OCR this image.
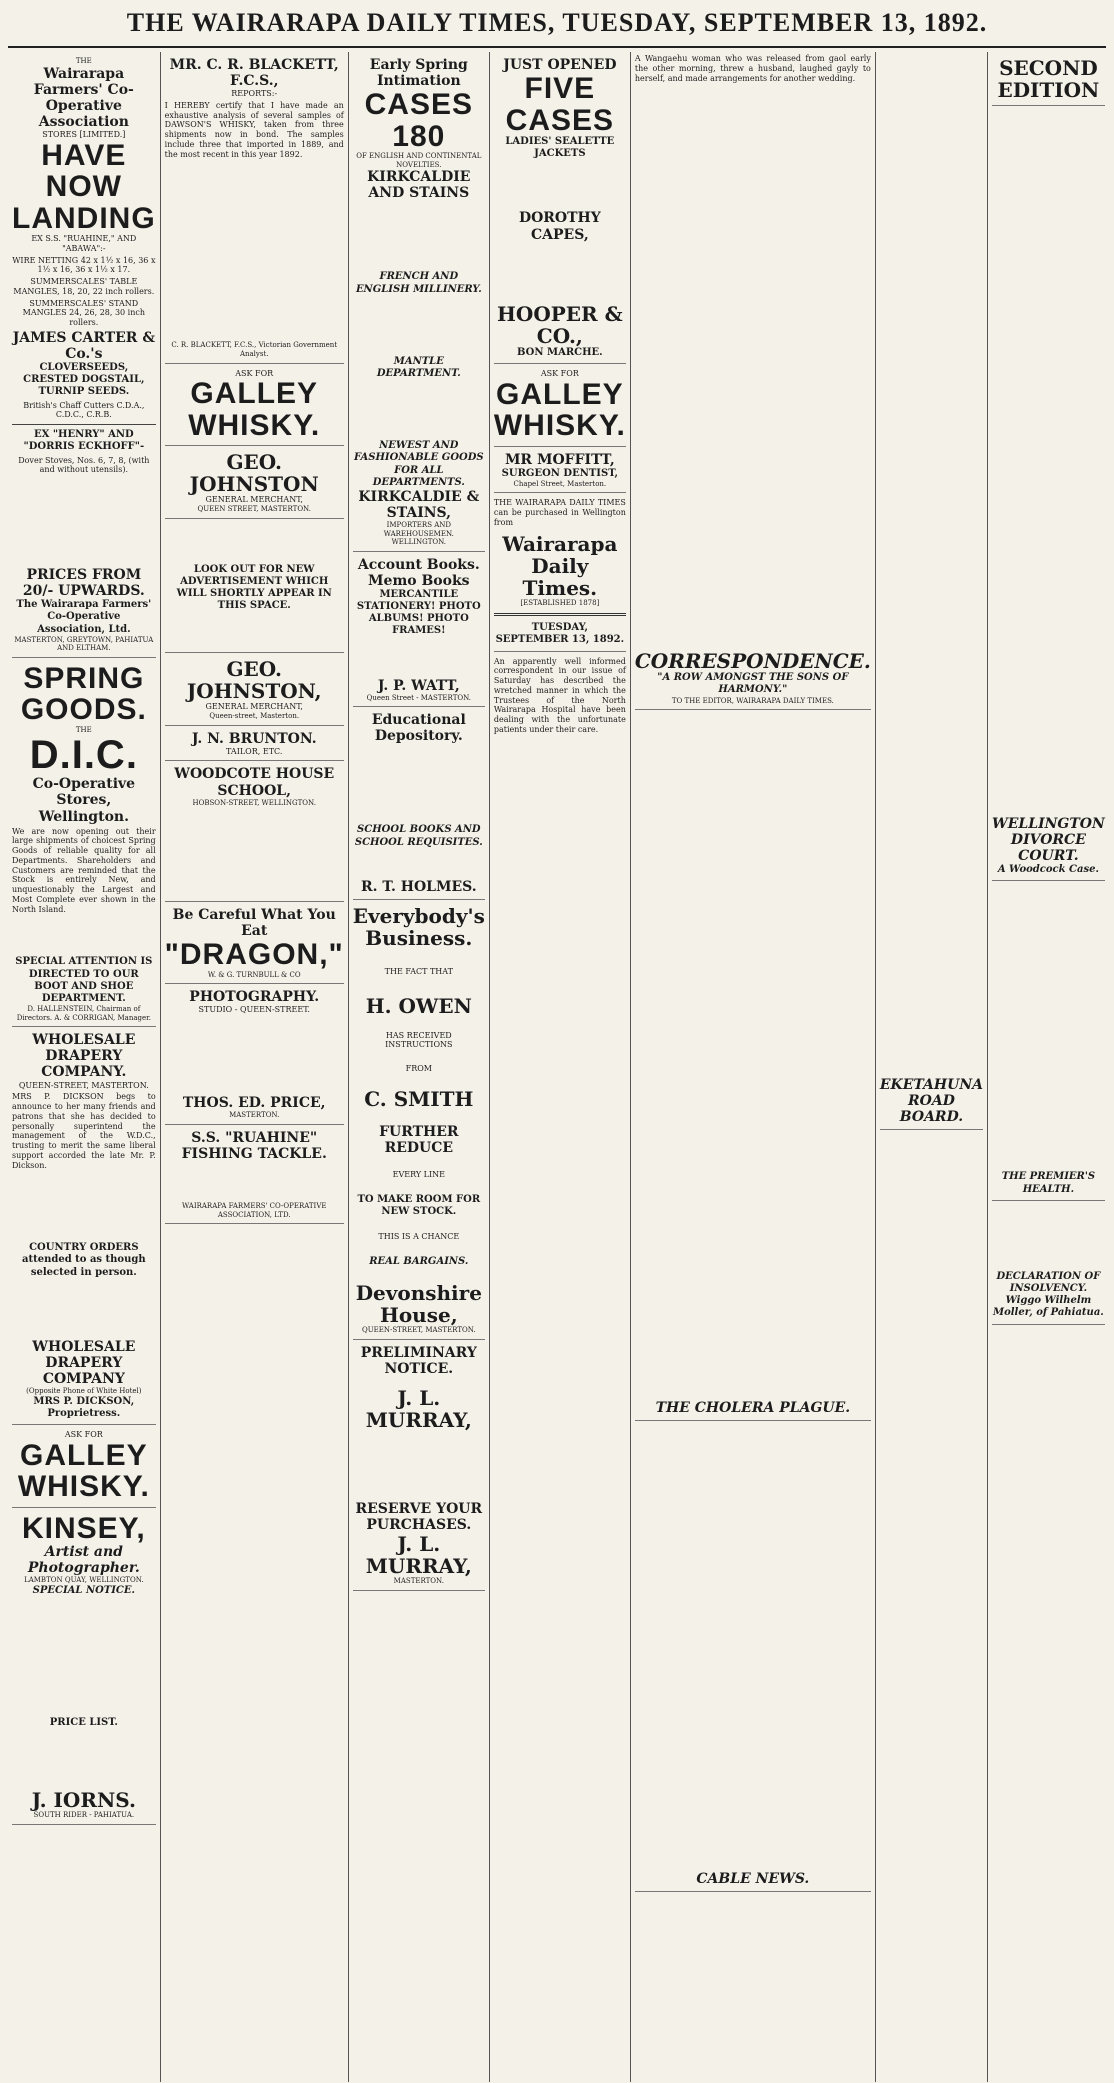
THE WAIRARAPA DAILY TIMES, TUESDAY, SEPTEMBER 13, 1892.
THE
Wairarapa Farmers' Co-Operative Association
STORES [LIMITED.]
HAVE NOW LANDING
EX S.S. "RUAHINE," AND "ABAWA":-

WIRE NETTING 42 x 1½ x 16, 36 x 1½ x 16, 36 x 1½ x 17.

SUMMERSCALES' TABLE MANGLES, 18, 20, 22 inch rollers.

SUMMERSCALES' STAND MANGLES 24, 26, 28, 30 inch rollers.

JAMES CARTER & Co.'s
CLOVERSEEDS, CRESTED DOGSTAIL, TURNIP SEEDS.

British's Chaff Cutters C.D.A., C.D.C., C.R.B.

EX "HENRY" AND "DORRIS ECKHOFF"-

Dover Stoves, Nos. 6, 7, 8, (with and without utensils).

PRICES FROM 20/- UPWARDS.
The Wairarapa Farmers' Co-Operative Association, Ltd.
MASTERTON, GREYTOWN, PAHIATUA AND ELTHAM.
SPRING GOODS.
THE
D.I.C.
Co-Operative Stores, Wellington.

We are now opening out their large shipments of choicest Spring Goods of reliable quality for all Departments. Shareholders and Customers are reminded that the Stock is entirely New, and unquestionably the Largest and Most Complete ever shown in the North Island.

SPECIAL ATTENTION IS DIRECTED TO OUR BOOT AND SHOE DEPARTMENT.
D. HALLENSTEIN, Chairman of Directors. A. & CORRIGAN, Manager.
WHOLESALE DRAPERY COMPANY.
QUEEN-STREET, MASTERTON.

MRS P. DICKSON begs to announce to her many friends and patrons that she has decided to personally superintend the management of the W.D.C., trusting to merit the same liberal support accorded the late Mr. P. Dickson.

COUNTRY ORDERS attended to as though selected in person.
WHOLESALE DRAPERY COMPANY
(Opposite Phone of White Hotel)
MRS P. DICKSON, Proprietress.
ASK FOR
GALLEY WHISKY.
KINSEY,
Artist and Photographer.
LAMBTON QUAY, WELLINGTON.
SPECIAL NOTICE.
PRICE LIST.
J. IORNS.
SOUTH RIDER - PAHIATUA.
MR. C. R. BLACKETT, F.C.S.,
REPORTS:-

I HEREBY certify that I have made an exhaustive analysis of several samples of DAWSON'S WHISKY, taken from three shipments now in bond. The samples include three that imported in 1889, and the most recent in this year 1892.

C. R. BLACKETT, F.C.S., Victorian Government Analyst.
ASK FOR
GALLEY WHISKY.
GEO. JOHNSTON
GENERAL MERCHANT,
QUEEN STREET, MASTERTON.
LOOK OUT FOR NEW ADVERTISEMENT WHICH WILL SHORTLY APPEAR IN THIS SPACE.
GEO. JOHNSTON,
GENERAL MERCHANT,
Queen-street, Masterton.
J. N. BRUNTON.
TAILOR, ETC.
WOODCOTE HOUSE SCHOOL,
HOBSON-STREET, WELLINGTON.
Be Careful What You Eat
"DRAGON,"
W. & G. TURNBULL & CO
PHOTOGRAPHY.
STUDIO - QUEEN-STREET.
THOS. ED. PRICE,
MASTERTON.
S.S. "RUAHINE"
FISHING TACKLE.
WAIRARAPA FARMERS' CO-OPERATIVE ASSOCIATION, LTD.
Early Spring Intimation
CASES 180
OF ENGLISH AND CONTINENTAL NOVELTIES.
KIRKCALDIE AND STAINS
FRENCH AND ENGLISH MILLINERY.
MANTLE DEPARTMENT.
NEWEST AND FASHIONABLE GOODS FOR ALL DEPARTMENTS.
KIRKCALDIE & STAINS,
IMPORTERS AND WAREHOUSEMEN.
WELLINGTON.
Account Books. Memo Books
MERCANTILE STATIONERY! PHOTO ALBUMS! PHOTO FRAMES!
J. P. WATT,
Queen Street - MASTERTON.
Educational Depository.
SCHOOL BOOKS AND SCHOOL REQUISITES.
R. T. HOLMES.
Everybody's Business.
THE FACT THAT
H. OWEN
HAS RECEIVED INSTRUCTIONS
FROM
C. SMITH
FURTHER REDUCE
EVERY LINE
TO MAKE ROOM FOR NEW STOCK.
THIS IS A CHANCE
REAL BARGAINS.
Devonshire House,
QUEEN-STREET, MASTERTON.
PRELIMINARY NOTICE.
J. L. MURRAY,
RESERVE YOUR PURCHASES.
J. L. MURRAY,
MASTERTON.
JUST OPENED
FIVE CASES
LADIES' SEALETTE JACKETS
DOROTHY CAPES,
HOOPER & CO.,
BON MARCHE.
ASK FOR
GALLEY WHISKY.
MR MOFFITT,
SURGEON DENTIST,
Chapel Street, Masterton.

THE WAIRARAPA DAILY TIMES can be purchased in Wellington from

Wairarapa Daily Times.
[ESTABLISHED 1878]
TUESDAY, SEPTEMBER 13, 1892.

An apparently well informed correspondent in our issue of Saturday has described the wretched manner in which the Trustees of the North Wairarapa Hospital have been dealing with the unfortunate patients under their care.

A Wangaehu woman who was released from gaol early the other morning, threw a husband, laughed gayly to herself, and made arrangements for another wedding.

CORRESPONDENCE.
"A ROW AMONGST THE SONS OF HARMONY."
TO THE EDITOR, WAIRARAPA DAILY TIMES.
THE CHOLERA PLAGUE.
CABLE NEWS.
EKETAHUNA ROAD BOARD.
SECOND EDITION
WELLINGTON DIVORCE COURT.
A Woodcock Case.
THE PREMIER'S HEALTH.
DECLARATION OF INSOLVENCY.
Wiggo Wilhelm Moller, of Pahiatua.
